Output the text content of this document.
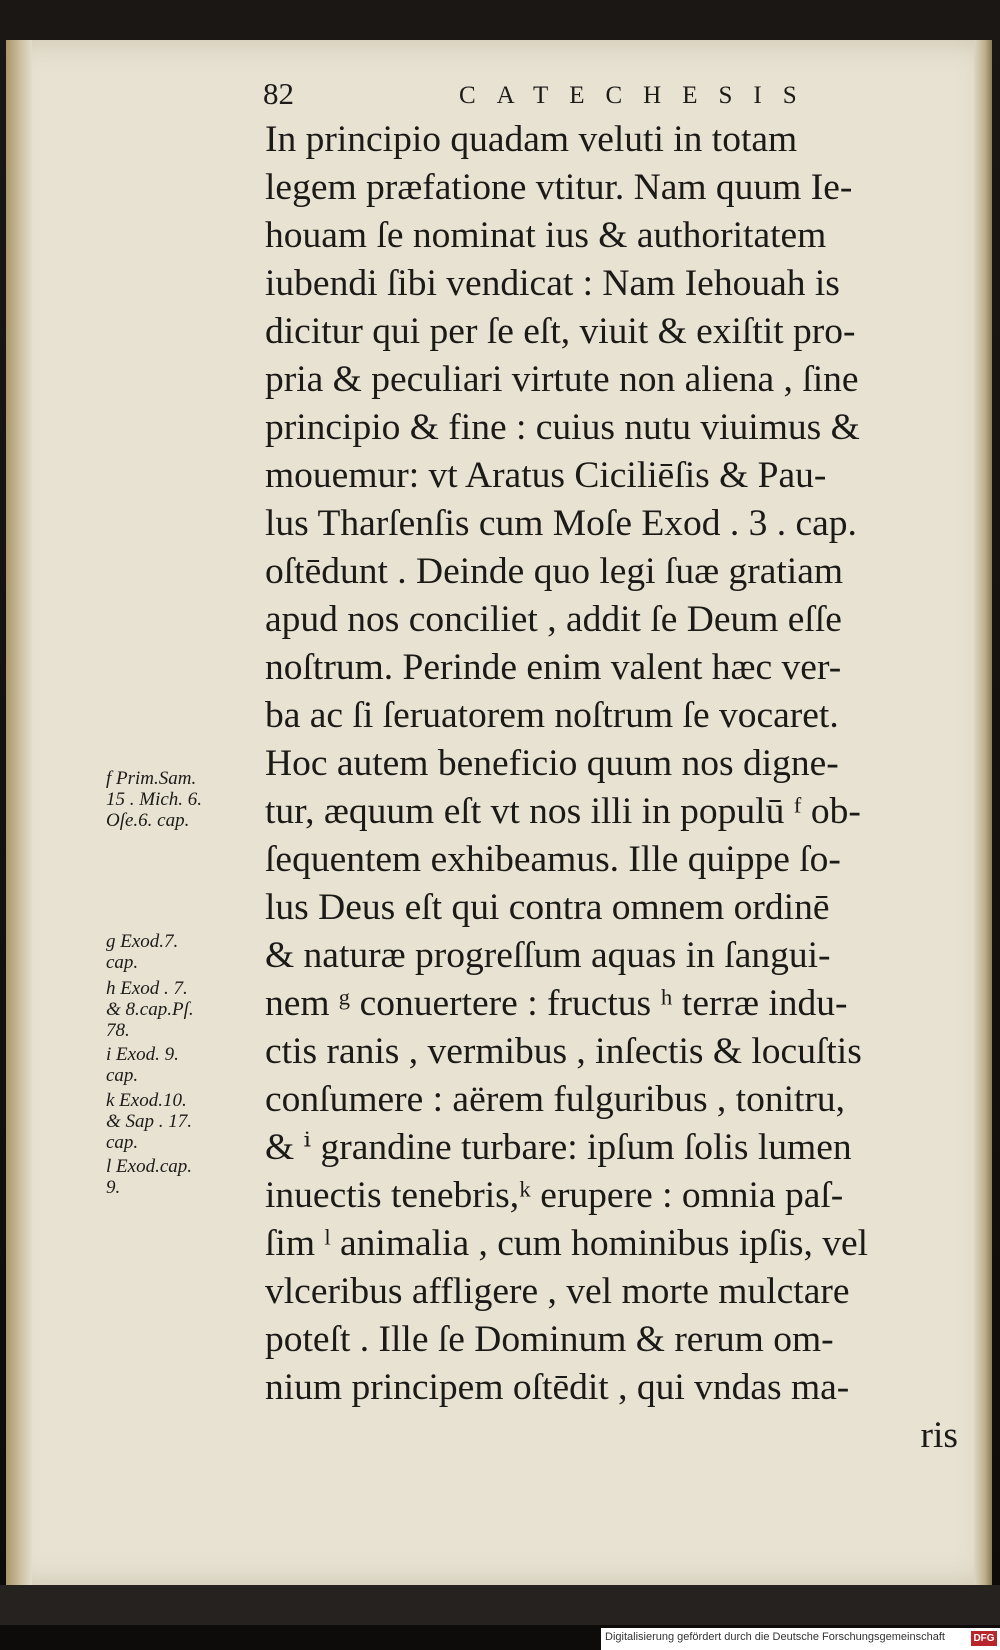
82	CATECHESIS
In principio quadam veluti in totam
legem præfatione vtitur. Nam quum Ie-
houam ſe nominat ius & authoritatem
iubendi ſibi vendicat : Nam Iehouah is
dicitur qui per ſe eſt, viuit & exiſtit pro-
pria & peculiari virtute non aliena , ſine
principio & fine : cuius nutu viuimus &
mouemur: vt Aratus Ciciliēſis & Pau-
lus Tharſenſis cum Moſe Exod . 3 . cap.
oſtēdunt . Deinde quo legi ſuæ gratiam
apud nos conciliet , addit ſe Deum eſſe
noſtrum. Perinde enim valent hæc ver-
ba ac ſi ſeruatorem noſtrum ſe vocaret.
Hoc autem beneficio quum nos digne-
tur, æquum eſt vt nos illi in populū ᶠ ob-
ſequentem exhibeamus. Ille quippe ſo-
lus Deus eſt qui contra omnem ordinē
& naturæ progreſſum aquas in ſangui-
nem ᵍ conuertere : fructus ʰ terræ indu-
ctis ranis , vermibus , inſectis & locuſtis
conſumere : aërem fulguribus , tonitru,
& ⁱ grandine turbare: ipſum ſolis lumen
inuectis tenebris,ᵏ erupere : omnia paſ-
ſim ˡ animalia , cum hominibus ipſis, vel
vlceribus affligere , vel morte mulctare
poteſt . Ille ſe Dominum & rerum om-
nium principem oſtēdit , qui vndas ma-
ris
f Prim.Sam.
15 . Mich. 6.
Oſe.6. cap.
g Exod.7.
cap.
h Exod . 7.
& 8.cap.Pſ.
78.
i Exod. 9.
cap.
k Exod.10.
& Sap . 17.
cap.
l Exod.cap.
9.
Digitalisierung gefördert durch die Deutsche Forschungsgemeinschaft	DFG
